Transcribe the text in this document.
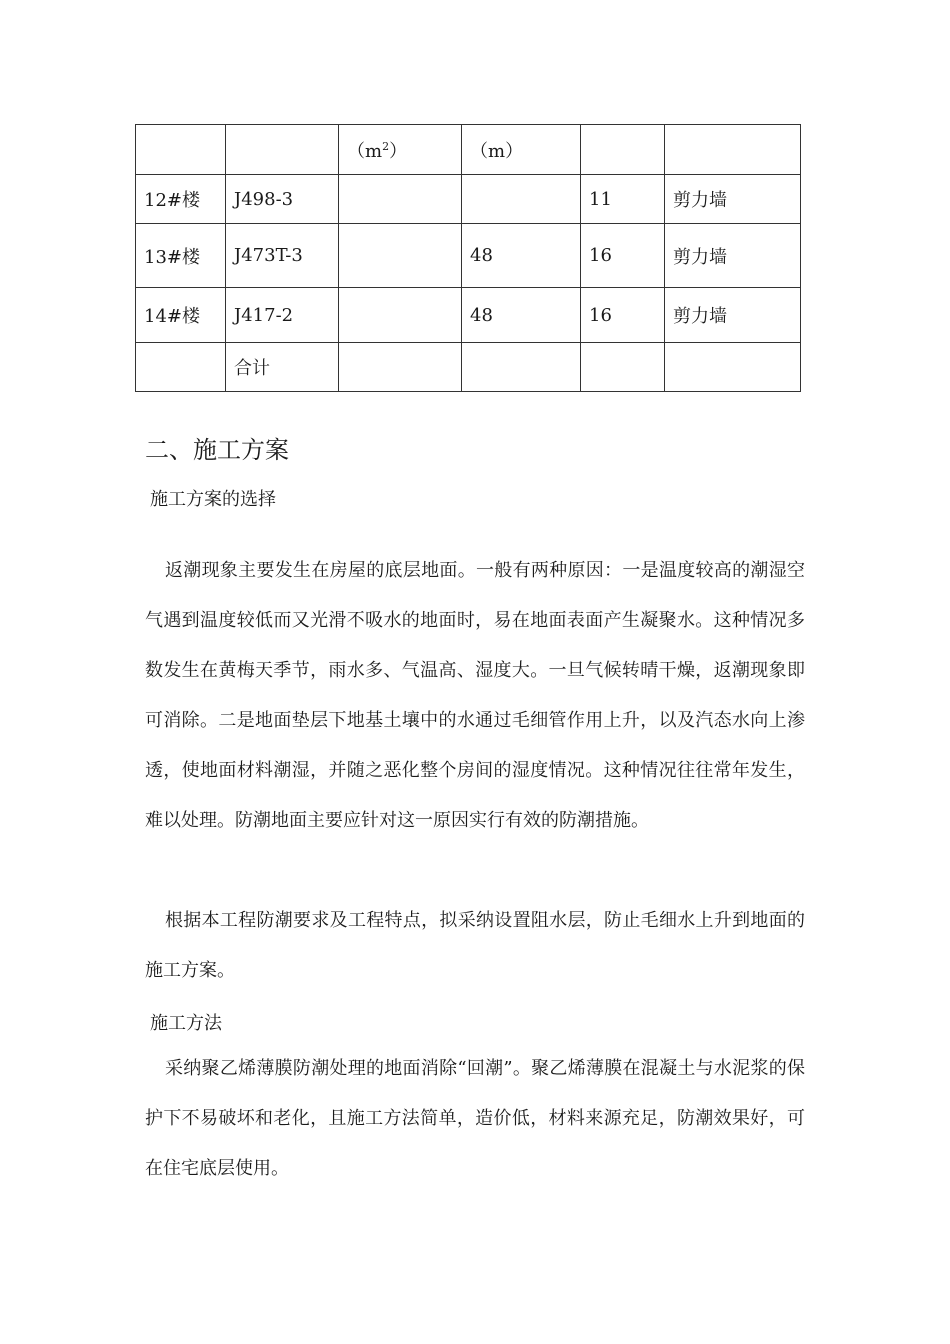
		$(m^2)$	（m）		
12#楼	J498-3			11	剪力墙
13#楼	J473T-3		48	16	剪力墙
14#楼	J417-2		48	16	剪力墙
	合计				
二、施工方案

施工方案的选择

返潮现象主要发生在房屋的底层地面。一般有两种原因：一是温度较高的潮湿空气遇到温度较低而又光滑不吸水的地面时，易在地面表面产生凝聚水。这种情况多数发生在黄梅天季节，雨水多、气温高、湿度大。一旦气候转晴干燥，返潮现象即可消除。二是地面垫层下地基土壤中的水通过毛细管作用上升，以及汽态水向上渗透，使地面材料潮湿，并随之恶化整个房间的湿度情况。这种情况往往常年发生，难以处理。防潮地面主要应针对这一原因实行有效的防潮措施。

根据本工程防潮要求及工程特点，拟采纳设置阻水层，防止毛细水上升到地面的施工方案。

施工方法

采纳聚乙烯薄膜防潮处理的地面消除“回潮”。聚乙烯薄膜在混凝土与水泥浆的保护下不易破坏和老化，且施工方法简单，造价低，材料来源充足，防潮效果好，可在住宅底层使用。
